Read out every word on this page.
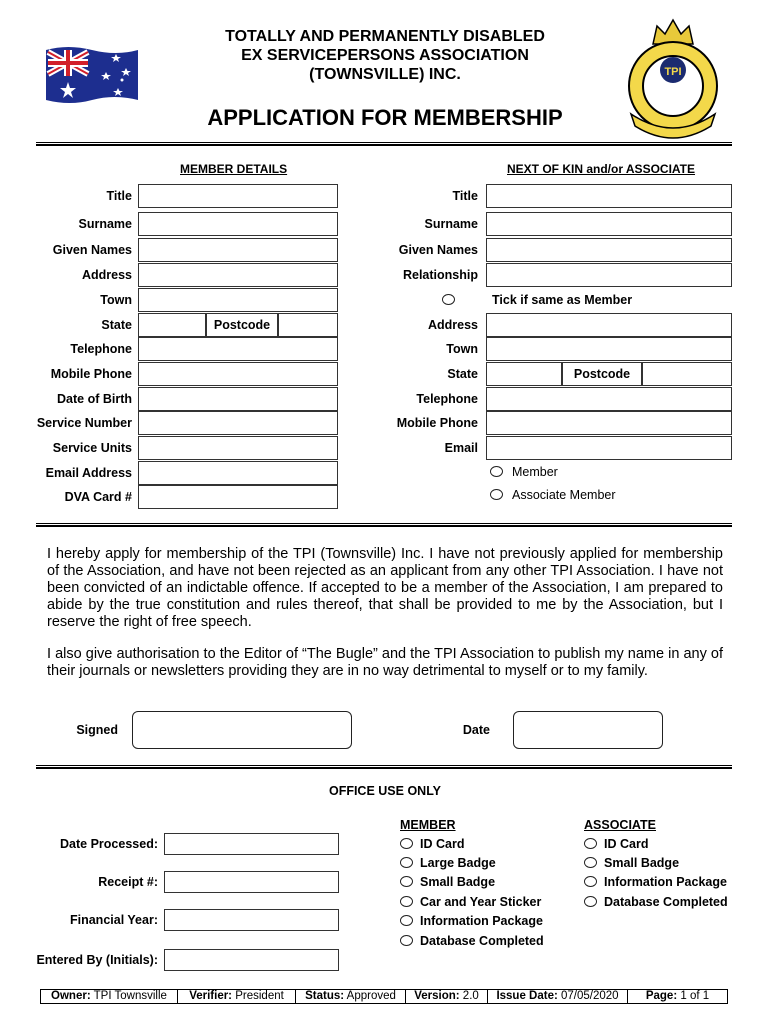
TOTALLY AND PERMANENTLY DISABLED
EX SERVICEPERSONS ASSOCIATION
(TOWNSVILLE) INC.
APPLICATION FOR MEMBERSHIP
TPI
MEMBER DETAILS	NEXT OF KIN and/or ASSOCIATE
Title
Surname
Given Names
Address
Town
State	Postcode
Telephone
Mobile Phone
Date of Birth
Service Number
Service Units
Email Address
DVA Card #
Title
Surname
Given Names
Relationship
Tick if same as Member
Address
Town
State	Postcode
Telephone
Mobile Phone
Email
Member
Associate Member
I hereby apply for membership of the TPI (Townsville) Inc. I have not previously applied for membership of the Association, and have not been rejected as an applicant from any other TPI Association. I have not been convicted of an indictable offence. If accepted to be a member of the Association, I am prepared to abide by the true constitution and rules thereof, that shall be provided to me by the Association, but I reserve the right of free speech.
I also give authorisation to the Editor of “The Bugle” and the TPI Association to publish my name in any of their journals or newsletters providing they are in no way detrimental to myself or to my family.
Signed	Date
OFFICE USE ONLY
Date Processed:
Receipt #:
Financial Year:
Entered By (Initials):
MEMBER
ID Card
Large Badge
Small Badge
Car and Year Sticker
Information Package
Database Completed
ASSOCIATE
ID Card
Small Badge
Information Package
Database Completed
Owner: TPI Townsville	Verifier: President	Status: Approved	Version: 2.0	Issue Date: 07/05/2020	Page: 1 of 1
